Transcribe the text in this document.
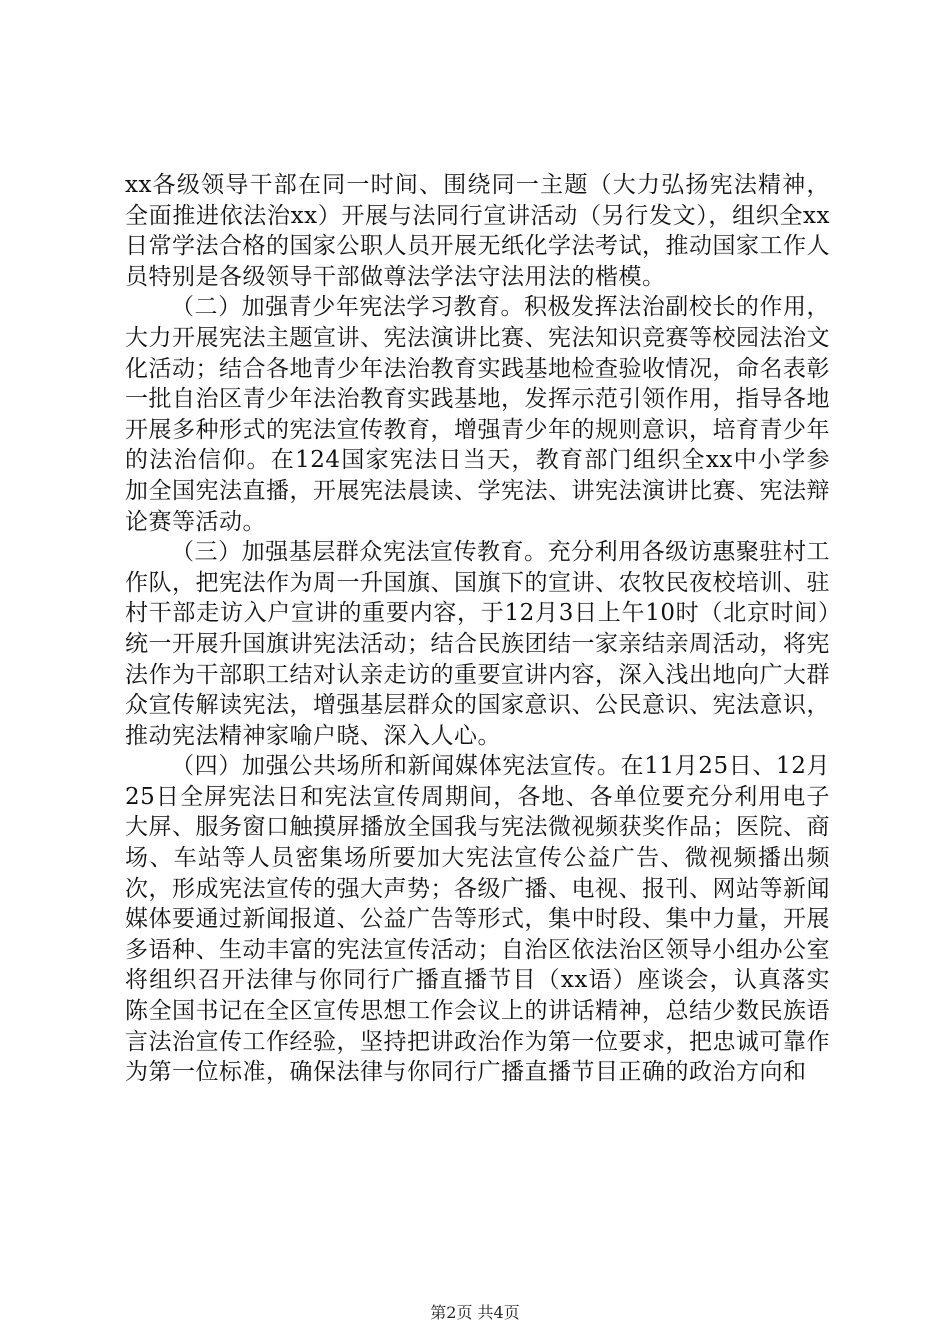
xx各级领导干部在同一时间、围绕同一主题（大力弘扬宪法精神，全面推进依法治xx）开展与法同行宣讲活动（另行发文），组织全xx日常学法合格的国家公职人员开展无纸化学法考试，推动国家工作人员特别是各级领导干部做尊法学法守法用法的楷模。

（二）加强青少年宪法学习教育。积极发挥法治副校长的作用，大力开展宪法主题宣讲、宪法演讲比赛、宪法知识竞赛等校园法治文化活动；结合各地青少年法治教育实践基地检查验收情况，命名表彰一批自治区青少年法治教育实践基地，发挥示范引领作用，指导各地开展多种形式的宪法宣传教育，增强青少年的规则意识，培育青少年的法治信仰。在124国家宪法日当天，教育部门组织全xx中小学参加全国宪法直播，开展宪法晨读、学宪法、讲宪法演讲比赛、宪法辩论赛等活动。

（三）加强基层群众宪法宣传教育。充分利用各级访惠聚驻村工作队，把宪法作为周一升国旗、国旗下的宣讲、农牧民夜校培训、驻村干部走访入户宣讲的重要内容，于12月3日上午10时（北京时间）统一开展升国旗讲宪法活动；结合民族团结一家亲结亲周活动，将宪法作为干部职工结对认亲走访的重要宣讲内容，深入浅出地向广大群众宣传解读宪法，增强基层群众的国家意识、公民意识、宪法意识，推动宪法精神家喻户晓、深入人心。

（四）加强公共场所和新闻媒体宪法宣传。在11月25日、12月25日全屏宪法日和宪法宣传周期间，各地、各单位要充分利用电子大屏、服务窗口触摸屏播放全国我与宪法微视频获奖作品；医院、商场、车站等人员密集场所要加大宪法宣传公益广告、微视频播出频次，形成宪法宣传的强大声势；各级广播、电视、报刊、网站等新闻媒体要通过新闻报道、公益广告等形式，集中时段、集中力量，开展多语种、生动丰富的宪法宣传活动；自治区依法治区领导小组办公室将组织召开法律与你同行广播直播节目（xx语）座谈会，认真落实陈全国书记在全区宣传思想工作会议上的讲话精神，总结少数民族语言法治宣传工作经验，坚持把讲政治作为第一位要求，把忠诚可靠作为第一位标准，确保法律与你同行广播直播节目正确的政治方向和

第2页 共4页
